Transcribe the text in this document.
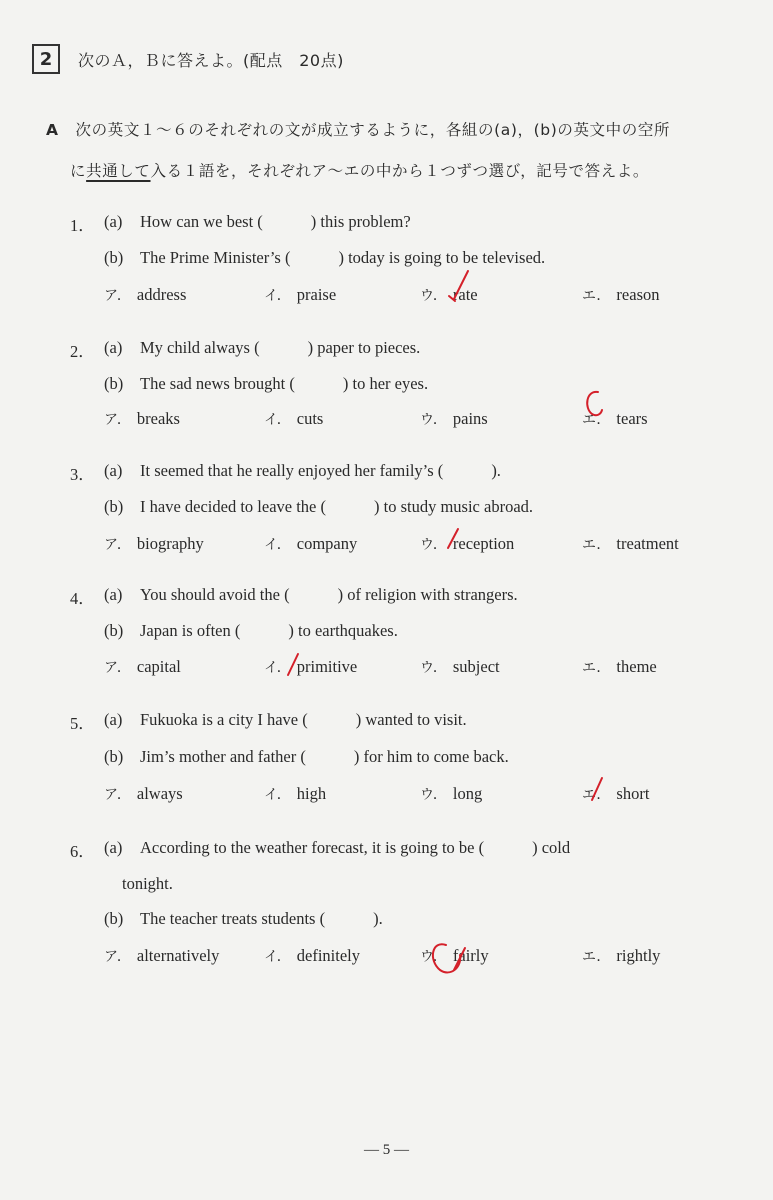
2	次のＡ，Ｂに答えよ。(配点　20点)
A 次の英文１～６のそれぞれの文が成立するように，各組の(a)，(b)の英文中の空所
に共通して入る１語を，それぞれア～エの中から１つずつ選び，記号で答えよ。
1． (a) How can we best (	) this problem?
(b) The Prime Minister’s (	) today is going to be televised.
ア． address	イ． praise	ウ． rate	エ． reason
2． (a) My child always (	) paper to pieces.
(b) The sad news brought (	) to her eyes.
ア． breaks	イ． cuts	ウ． pains	エ． tears
3． (a) It seemed that he really enjoyed her family’s (	).
(b) I have decided to leave the (	) to study music abroad.
ア． biography	イ． company	ウ． reception	エ． treatment
4． (a) You should avoid the (	) of religion with strangers.
(b) Japan is often (	) to earthquakes.
ア． capital	イ． primitive	ウ． subject	エ． theme
5． (a) Fukuoka is a city I have (	) wanted to visit.
(b) Jim’s mother and father (	) for him to come back.
ア． always	イ． high	ウ． long	エ． short
6． (a) According to the weather forecast, it is going to be (	) cold
tonight.
(b) The teacher treats students (	).
ア． alternatively	イ． definitely	ウ． fairly	エ． rightly
― 5 ―
